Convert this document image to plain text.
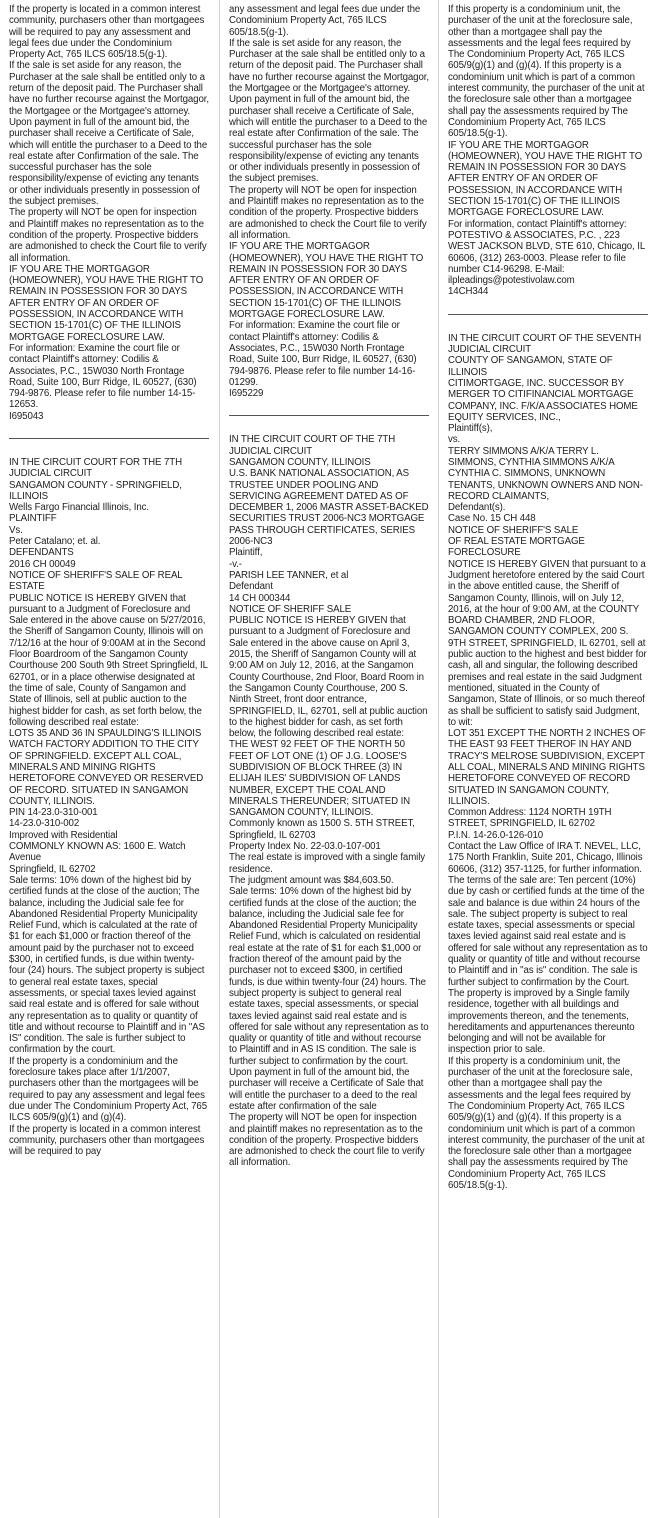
If the property is located in a common interest community, purchasers other than mortgagees will be required to pay any assessment and legal fees due under the Condominium Property Act, 765 ILCS 605/18.5(g-1).

If the sale is set aside for any reason, the Purchaser at the sale shall be entitled only to a return of the deposit paid. The Purchaser shall have no further recourse against the Mortgagor, the Mortgagee or the Mortgagee's attorney.

Upon payment in full of the amount bid, the purchaser shall receive a Certificate of Sale, which will entitle the purchaser to a Deed to the real estate after Confirmation of the sale. The successful purchaser has the sole responsibility/expense of evicting any tenants or other individuals presently in possession of the subject premises.

The property will NOT be open for inspection and Plaintiff makes no representation as to the condition of the property. Prospective bidders are admonished to check the Court file to verify all information.

IF YOU ARE THE MORTGAGOR (HOMEOWNER), YOU HAVE THE RIGHT TO REMAIN IN POSSESSION FOR 30 DAYS AFTER ENTRY OF AN ORDER OF POSSESSION, IN ACCORDANCE WITH SECTION 15-1701(C) OF THE ILLINOIS MORTGAGE FORECLOSURE LAW.

For information: Examine the court file or contact Plaintiff's attorney: Codilis & Associates, P.C., 15W030 North Frontage Road, Suite 100, Burr Ridge, IL 60527, (630) 794-9876. Please refer to file number 14-15-12653.

I695043

IN THE CIRCUIT COURT FOR THE 7TH JUDICIAL CIRCUIT

SANGAMON COUNTY - SPRINGFIELD, ILLINOIS

Wells Fargo Financial Illinois, Inc.

PLAINTIFF

Vs.

Peter Catalano; et. al.

DEFENDANTS

2016 CH 00049

NOTICE OF SHERIFF'S SALE OF REAL ESTATE

PUBLIC NOTICE IS HEREBY GIVEN that pursuant to a Judgment of Foreclosure and Sale entered in the above cause on 5/27/2016, the Sheriff of Sangamon County, Illinois will on 7/12/16 at the hour of 9:00AM at in the Second Floor Boardroom of the Sangamon County Courthouse 200 South 9th Street Springfield, IL 62701, or in a place otherwise designated at the time of sale, County of Sangamon and State of Illinois, sell at public auction to the highest bidder for cash, as set forth below, the following described real estate:

LOTS 35 AND 36 IN SPAULDING'S ILLINOIS WATCH FACTORY ADDITION TO THE CITY OF SPRINGFIELD. EXCEPT ALL COAL, MINERALS AND MINING RIGHTS HERETOFORE CONVEYED OR RESERVED OF RECORD. SITUATED IN SANGAMON COUNTY, ILLINOIS.

PIN 14-23.0-310-001

14-23.0-310-002

Improved with Residential

COMMONLY KNOWN AS: 1600 E. Watch Avenue

Springfield, IL 62702

Sale terms: 10% down of the highest bid by certified funds at the close of the auction; The balance, including the Judicial sale fee for Abandoned Residential Property Municipality Relief Fund, which is calculated at the rate of $1 for each $1,000 or fraction thereof of the amount paid by the purchaser not to exceed $300, in certified funds, is due within twenty-four (24) hours. The subject property is subject to general real estate taxes, special assessments, or special taxes levied against said real estate and is offered for sale without any representation as to quality or quantity of title and without recourse to Plaintiff and in "AS IS" condition. The sale is further subject to confirmation by the court.

If the property is a condominium and the foreclosure takes place after 1/1/2007, purchasers other than the mortgagees will be required to pay any assessment and legal fees due under The Condominium Property Act, 765 ILCS 605/9(g)(1) and (g)(4).

If the property is located in a common interest community, purchasers other than mortgagees will be required to pay

any assessment and legal fees due under the Condominium Property Act, 765 ILCS 605/18.5(g-1).

If the sale is set aside for any reason, the Purchaser at the sale shall be entitled only to a return of the deposit paid. The Purchaser shall have no further recourse against the Mortgagor, the Mortgagee or the Mortgagee's attorney.

Upon payment in full of the amount bid, the purchaser shall receive a Certificate of Sale, which will entitle the purchaser to a Deed to the real estate after Confirmation of the sale. The successful purchaser has the sole responsibility/expense of evicting any tenants or other individuals presently in possession of the subject premises.

The property will NOT be open for inspection and Plaintiff makes no representation as to the condition of the property. Prospective bidders are admonished to check the Court file to verify all information.

IF YOU ARE THE MORTGAGOR (HOMEOWNER), YOU HAVE THE RIGHT TO REMAIN IN POSSESSION FOR 30 DAYS AFTER ENTRY OF AN ORDER OF POSSESSION, IN ACCORDANCE WITH SECTION 15-1701(C) OF THE ILLINOIS MORTGAGE FORECLOSURE LAW.

For information: Examine the court file or contact Plaintiff's attorney: Codilis & Associates, P.C., 15W030 North Frontage Road, Suite 100, Burr Ridge, IL 60527, (630) 794-9876. Please refer to file number 14-16-01299.

I695229

IN THE CIRCUIT COURT OF THE 7TH JUDICIAL CIRCUIT

SANGAMON COUNTY, ILLINOIS

U.S. BANK NATIONAL ASSOCIATION, AS TRUSTEE UNDER POOLING AND SERVICING AGREEMENT DATED AS OF DECEMBER 1, 2006 MASTR ASSET-BACKED SECURITIES TRUST 2006-NC3 MORTGAGE PASS THROUGH CERTIFICATES, SERIES 2006-NC3

Plaintiff,

-v.-

PARISH LEE TANNER, et al

Defendant

14 CH 000344

NOTICE OF SHERIFF SALE

PUBLIC NOTICE IS HEREBY GIVEN that pursuant to a Judgment of Foreclosure and Sale entered in the above cause on April 3, 2015, the Sheriff of Sangamon County will at 9:00 AM on July 12, 2016, at the Sangamon County Courthouse, 2nd Floor, Board Room in the Sangamon County Courthouse, 200 S. Ninth Street, front door entrance, SPRINGFIELD, IL, 62701, sell at public auction to the highest bidder for cash, as set forth below, the following described real estate:

THE WEST 92 FEET OF THE NORTH 50 FEET OF LOT ONE (1) OF J.G. LOOSE'S SUBDIVISION OF BLOCK THREE (3) IN ELIJAH ILES' SUBDIVISION OF LANDS NUMBER, EXCEPT THE COAL AND MINERALS THEREUNDER; SITUATED IN SANGAMON COUNTY, ILLINOIS.

Commonly known as 1500 S. 5TH STREET, Springfield, IL 62703

Property Index No. 22-03.0-107-001

The real estate is improved with a single family residence.

The judgment amount was $84,603.50.

Sale terms: 10% down of the highest bid by certified funds at the close of the auction; the balance, including the Judicial sale fee for Abandoned Residential Property Municipality Relief Fund, which is calculated on residential real estate at the rate of $1 for each $1,000 or fraction thereof of the amount paid by the purchaser not to exceed $300, in certified funds, is due within twenty-four (24) hours. The subject property is subject to general real estate taxes, special assessments, or special taxes levied against said real estate and is offered for sale without any representation as to quality or quantity of title and without recourse to Plaintiff and in AS IS condition. The sale is further subject to confirmation by the court.

Upon payment in full of the amount bid, the purchaser will receive a Certificate of Sale that will entitle the purchaser to a deed to the real estate after confirmation of the sale

The property will NOT be open for inspection and plaintiff makes no representation as to the condition of the property. Prospective bidders are admonished to check the court file to verify all information.

If this property is a condominium unit, the purchaser of the unit at the foreclosure sale, other than a mortgagee shall pay the assessments and the legal fees required by The Condominium Property Act, 765 ILCS 605/9(g)(1) and (g)(4). If this property is a condominium unit which is part of a common interest community, the purchaser of the unit at the foreclosure sale other than a mortgagee shall pay the assessments required by The Condominium Property Act, 765 ILCS 605/18.5(g-1).

IF YOU ARE THE MORTGAGOR (HOMEOWNER), YOU HAVE THE RIGHT TO REMAIN IN POSSESSION FOR 30 DAYS AFTER ENTRY OF AN ORDER OF POSSESSION, IN ACCORDANCE WITH SECTION 15-1701(C) OF THE ILLINOIS MORTGAGE FORECLOSURE LAW.

For information, contact Plaintiff's attorney: POTESTIVO & ASSOCIATES, P.C. , 223 WEST JACKSON BLVD, STE 610, Chicago, IL 60606, (312) 263-0003. Please refer to file number C14-96298. E-Mail: ilpleadings@potestivolaw.com

14CH344

IN THE CIRCUIT COURT OF THE SEVENTH JUDICIAL CIRCUIT

COUNTY OF SANGAMON, STATE OF ILLINOIS

CITIMORTGAGE, INC. SUCCESSOR BY MERGER TO CITIFINANCIAL MORTGAGE COMPANY, INC. F/K/A ASSOCIATES HOME EQUITY SERVICES, INC.,

Plaintiff(s),

vs.

TERRY SIMMONS A/K/A TERRY L. SIMMONS, CYNTHIA SIMMONS A/K/A CYNTHIA C. SIMMONS, UNKNOWN TENANTS, UNKNOWN OWNERS AND NON-RECORD CLAIMANTS,

Defendant(s).

Case No. 15 CH 448

NOTICE OF SHERIFF'S SALE

OF REAL ESTATE MORTGAGE FORECLOSURE

NOTICE IS HEREBY GIVEN that pursuant to a Judgment heretofore entered by the said Court in the above entitled cause, the Sheriff of Sangamon County, Illinois, will on July 12, 2016, at the hour of 9:00 AM, at the COUNTY BOARD CHAMBER, 2ND FLOOR, SANGAMON COUNTY COMPLEX, 200 S. 9TH STREET, SPRINGFIELD, IL 62701, sell at public auction to the highest and best bidder for cash, all and singular, the following described premises and real estate in the said Judgment mentioned, situated in the County of Sangamon, State of Illinois, or so much thereof as shall be sufficient to satisfy said Judgment, to wit:

LOT 351 EXCEPT THE NORTH 2 INCHES OF THE EAST 93 FEET THEROF IN HAY AND TRACY'S MELROSE SUBDIVISION, EXCEPT ALL COAL, MINERALS AND MINING RIGHTS HERETOFORE CONVEYED OF RECORD SITUATED IN SANGAMON COUNTY, ILLINOIS.

Common Address: 1124 NORTH 19TH STREET, SPRINGFIELD, IL 62702

P.I.N. 14-26.0-126-010

Contact the Law Office of IRA T. NEVEL, LLC, 175 North Franklin, Suite 201, Chicago, Illinois 60606, (312) 357-1125, for further information.

The terms of the sale are: Ten percent (10%) due by cash or certified funds at the time of the sale and balance is due within 24 hours of the sale. The subject property is subject to real estate taxes, special assessments or special taxes levied against said real estate and is offered for sale without any representation as to quality or quantity of title and without recourse to Plaintiff and in "as is" condition. The sale is further subject to confirmation by the Court.

The property is improved by a Single family residence, together with all buildings and improvements thereon, and the tenements, hereditaments and appurtenances thereunto belonging and will not be available for inspection prior to sale.

If this property is a condominium unit, the purchaser of the unit at the foreclosure sale, other than a mortgagee shall pay the assessments and the legal fees required by The Condominium Property Act, 765 ILCS 605/9(g)(1) and (g)(4). If this property is a condominium unit which is part of a common interest community, the purchaser of the unit at the foreclosure sale other than a mortgagee shall pay the assessments required by The Condominium Property Act, 765 ILCS 605/18.5(g-1).
